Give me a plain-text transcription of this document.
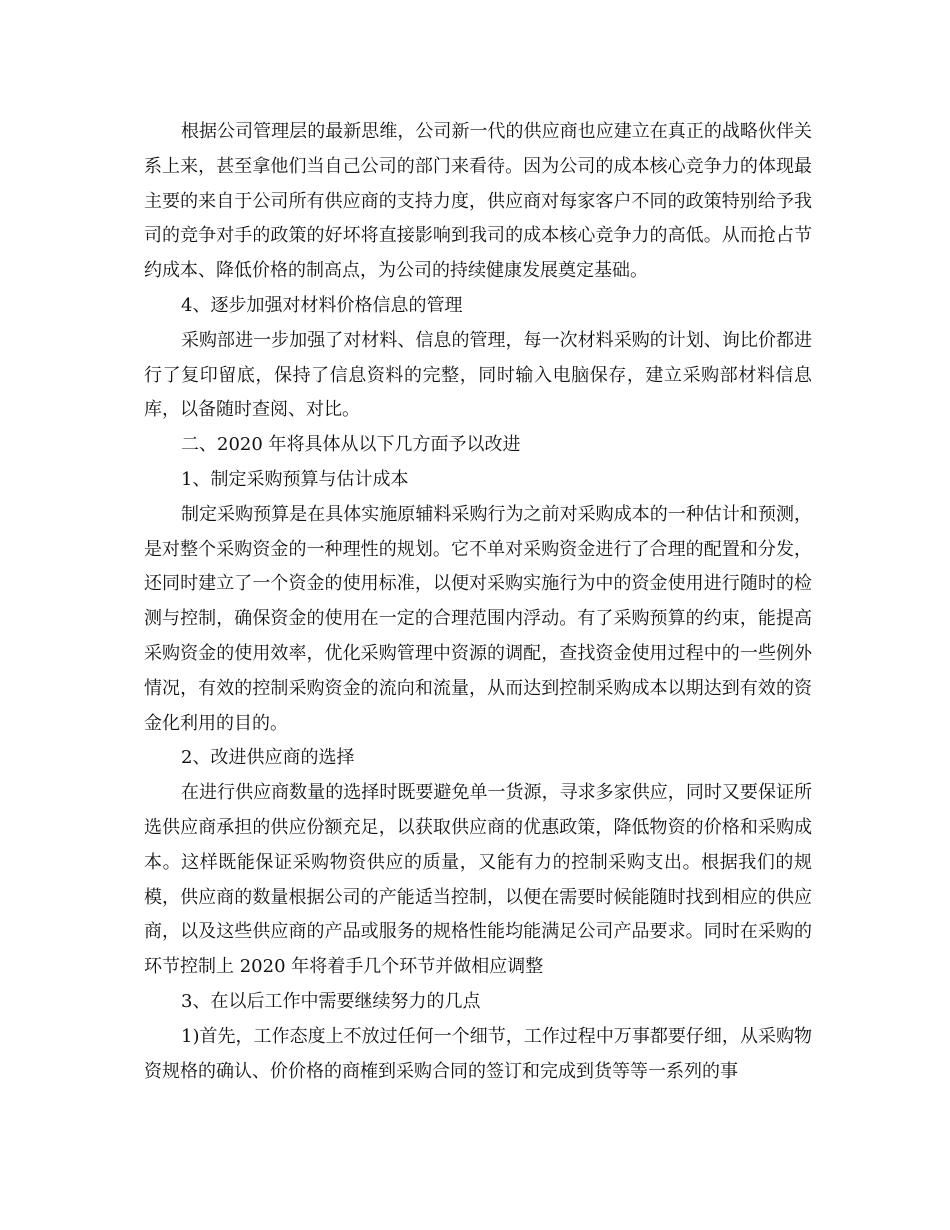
根据公司管理层的最新思维，公司新一代的供应商也应建立在真正的战略伙伴关系上来，甚至拿他们当自己公司的部门来看待。因为公司的成本核心竞争力的体现最主要的来自于公司所有供应商的支持力度，供应商对每家客户不同的政策特别给予我司的竞争对手的政策的好坏将直接影响到我司的成本核心竞争力的高低。从而抢占节约成本、降低价格的制高点，为公司的持续健康发展奠定基础。

4、逐步加强对材料价格信息的管理

采购部进一步加强了对材料、信息的管理，每一次材料采购的计划、询比价都进行了复印留底，保持了信息资料的完整，同时输入电脑保存，建立采购部材料信息库，以备随时查阅、对比。

二、2020 年将具体从以下几方面予以改进

1、制定采购预算与估计成本

制定采购预算是在具体实施原辅料采购行为之前对采购成本的一种估计和预测，是对整个采购资金的一种理性的规划。它不单对采购资金进行了合理的配置和分发，还同时建立了一个资金的使用标准，以便对采购实施行为中的资金使用进行随时的检测与控制，确保资金的使用在一定的合理范围内浮动。有了采购预算的约束，能提高采购资金的使用效率，优化采购管理中资源的调配，查找资金使用过程中的一些例外情况，有效的控制采购资金的流向和流量，从而达到控制采购成本以期达到有效的资金化利用的目的。

2、改进供应商的选择

在进行供应商数量的选择时既要避免单一货源，寻求多家供应，同时又要保证所选供应商承担的供应份额充足，以获取供应商的优惠政策，降低物资的价格和采购成本。这样既能保证采购物资供应的质量，又能有力的控制采购支出。根据我们的规模，供应商的数量根据公司的产能适当控制，以便在需要时候能随时找到相应的供应商，以及这些供应商的产品或服务的规格性能均能满足公司产品要求。同时在采购的环节控制上 2020 年将着手几个环节并做相应调整

3、在以后工作中需要继续努力的几点

1)首先，工作态度上不放过任何一个细节，工作过程中万事都要仔细，从采购物资规格的确认、价价格的商榷到采购合同的签订和完成到货等等一系列的事
